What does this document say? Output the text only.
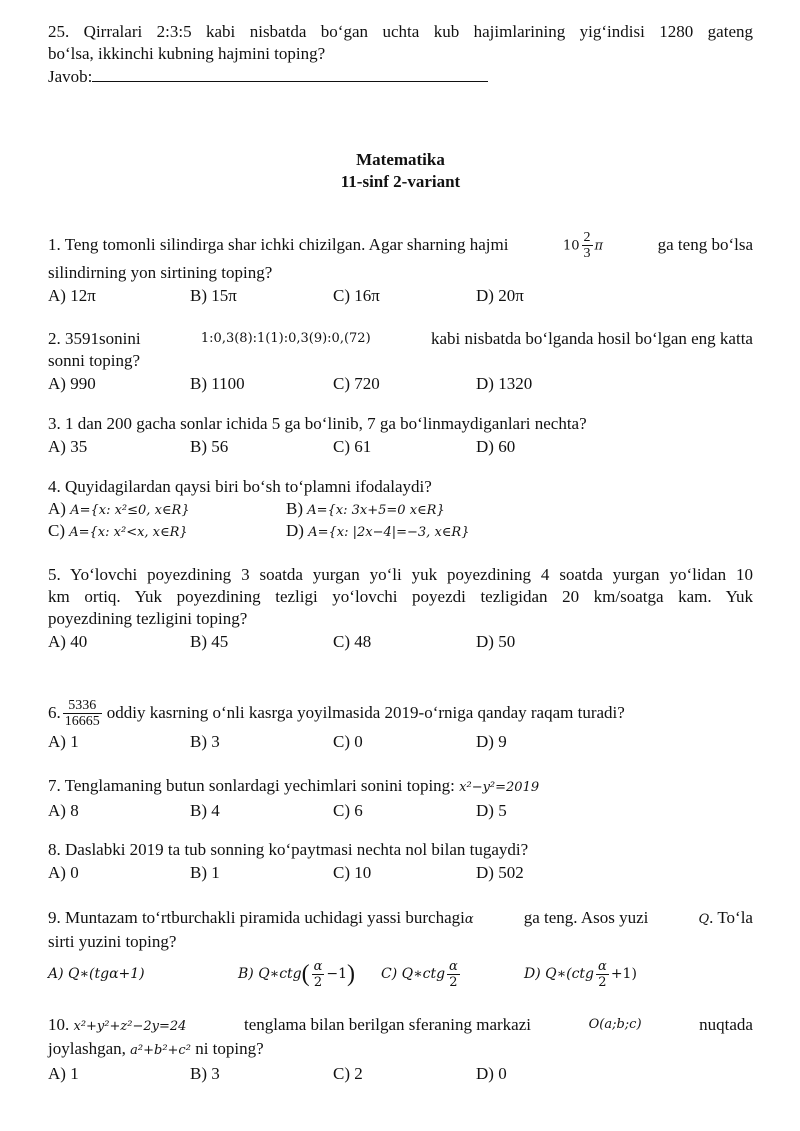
25. Qirralari 2:3:5 kabi nisbatda bo‘gan uchta kub hajimlarining yig‘indisi 1280 gateng
bo‘lsa, ikkinchi kubning hajmini toping?
Javob:
Matematika
11-sinf 2-variant
1. Teng tomonli silindirga shar ichki chizilgan. Agar sharning hajmi	$10 \frac{2}{3}$ π	ga teng bo‘lsa
silindirning yon sirtining toping?
A) 12π	B) 15π	C) 16π	D) 20π
2. 3591sonini	1:0,3(8):1(1):0,3(9):0,(72)	kabi nisbatda bo‘lganda hosil bo‘lgan eng katta
sonni toping?
A) 990	B) 1100	C) 720	D) 1320
3. 1 dan 200 gacha sonlar ichida 5 ga bo‘linib, 7 ga bo‘linmaydiganlari nechta?
A) 35	B) 56	C) 61	D) 60
4. Quyidagilardan qaysi biri bo‘sh to‘plamni ifodalaydi?
A) A={x: x²≤0, x∈R}	B) A={x: 3x+5=0 x∈R}
C) A={x: x²<x, x∈R}	D) A={x: |2x−4|=−3, x∈R}
5. Yo‘lovchi poyezdining 3 soatda yurgan yo‘li yuk poyezdining 4 soatda yurgan yo‘lidan 10
km ortiq. Yuk poyezdining tezligi yo‘lovchi poyezdi tezligidan 20 km/soatga kam. Yuk
poyezdining tezligini toping?
A) 40	B) 45	C) 48	D) 50
6. $\frac{5336}{16665}$ oddiy kasrning o‘nli kasrga yoyilmasida 2019-o‘rniga qanday raqam turadi?
A) 1	B) 3	C) 0	D) 9
7. Tenglamaning butun sonlardagi yechimlari sonini toping: x²−y²=2019
A) 8	B) 4	C) 6	D) 5
8. Daslabki 2019 ta tub sonning ko‘paytmasi nechta nol bilan tugaydi?
A) 0	B) 1	C) 10	D) 502
9. Muntazam to‘rtburchakli piramida uchidagi yassi burchagiα	ga teng. Asos yuzi	Q. To‘la
sirti yuzini toping?
A) Q∗(tgα+1)	B) Q∗ctg( $\frac{\alpha}{2} -1$) C) Q∗ctg $\frac{\alpha}{2}$	D) Q∗(ctg $\frac{\alpha}{2} +1$)
10. x²+y²+z²−2y=24	tenglama bilan berilgan sferaning markazi	O(a;b;c)	nuqtada
joylashgan, a²+b²+c² ni toping?
A) 1	B) 3	C) 2	D) 0
